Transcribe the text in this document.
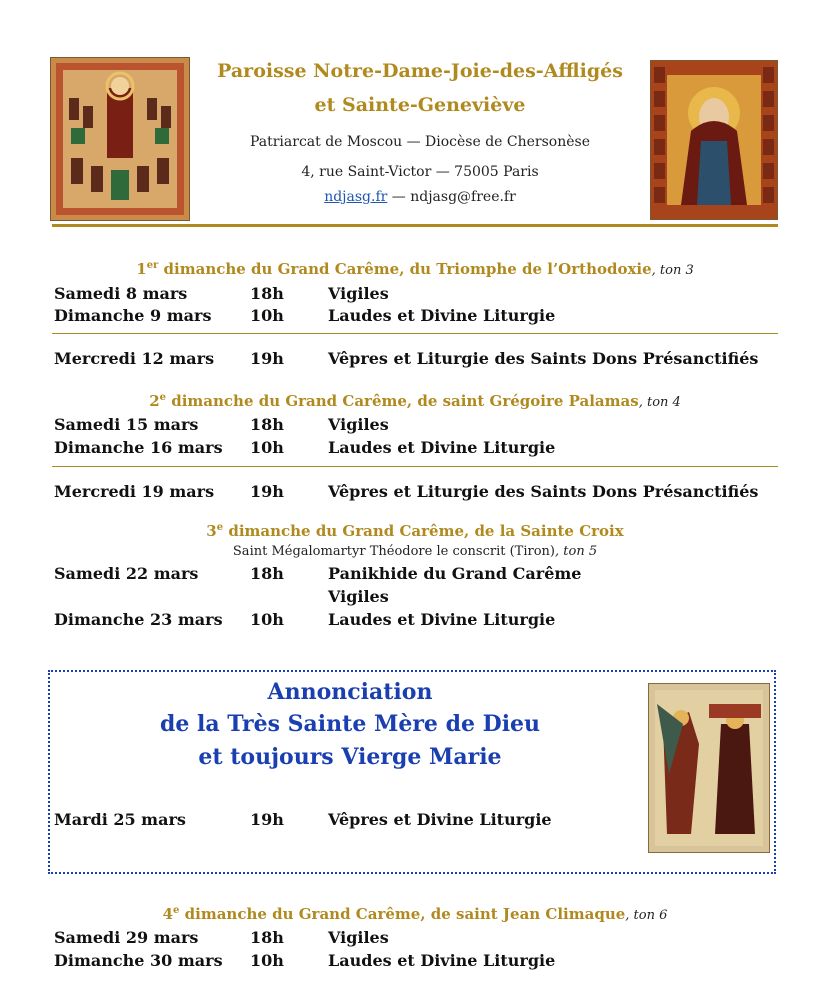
Paroisse Notre-Dame-Joie-des-Affligés
et Sainte-Geneviève
Patriarcat de Moscou — Diocèse de Chersonèse
4, rue Saint-Victor — 75005 Paris
ndjasg.fr — ndjasg@free.fr
1er dimanche du Grand Carême, du Triomphe de l’Orthodoxie, ton 3
Samedi 8 mars	18h	Vigiles
Dimanche 9 mars 10h	Laudes et Divine Liturgie
Mercredi 12 mars 19h	Vêpres et Liturgie des Saints Dons Présanctifiés
2e dimanche du Grand Carême, de saint Grégoire Palamas, ton 4
Samedi 15 mars	18h	Vigiles
Dimanche 16 mars 10h	Laudes et Divine Liturgie
Mercredi 19 mars 19h	Vêpres et Liturgie des Saints Dons Présanctifiés
3e dimanche du Grand Carême, de la Sainte Croix
Saint Mégalomartyr Théodore le conscrit (Tiron), ton 5
Samedi 22 mars	18h	Panikhide du Grand Carême
Vigiles
Dimanche 23 mars 10h	Laudes et Divine Liturgie
Annonciation
de la Très Sainte Mère de Dieu
et toujours Vierge Marie
Mardi 25 mars	19h	Vêpres et Divine Liturgie
4e dimanche du Grand Carême, de saint Jean Climaque, ton 6
Samedi 29 mars	18h	Vigiles
Dimanche 30 mars 10h	Laudes et Divine Liturgie
